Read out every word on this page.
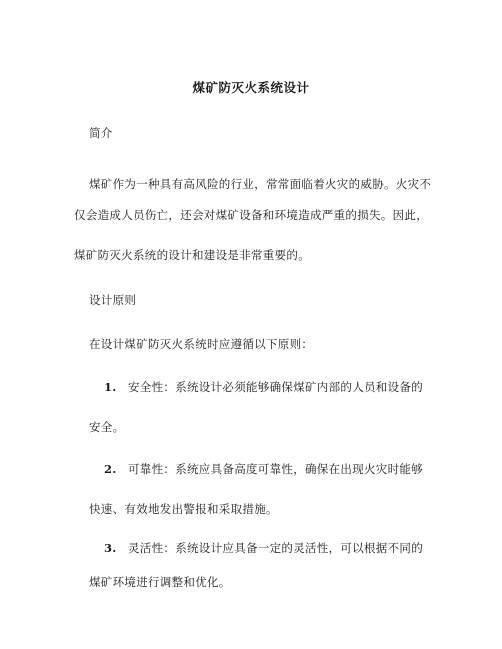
煤矿防灭火系统设计
简介
煤矿作为一种具有高风险的行业，常常面临着火灾的威胁。火灾不
仅会造成人员伤亡，还会对煤矿设备和环境造成严重的损失。因此，
煤矿防灭火系统的设计和建设是非常重要的。
设计原则
在设计煤矿防灭火系统时应遵循以下原则：
1. 安全性：系统设计必须能够确保煤矿内部的人员和设备的
安全。
2. 可靠性：系统应具备高度可靠性，确保在出现火灾时能够
快速、有效地发出警报和采取措施。
3. 灵活性：系统设计应具备一定的灵活性，可以根据不同的
煤矿环境进行调整和优化。
